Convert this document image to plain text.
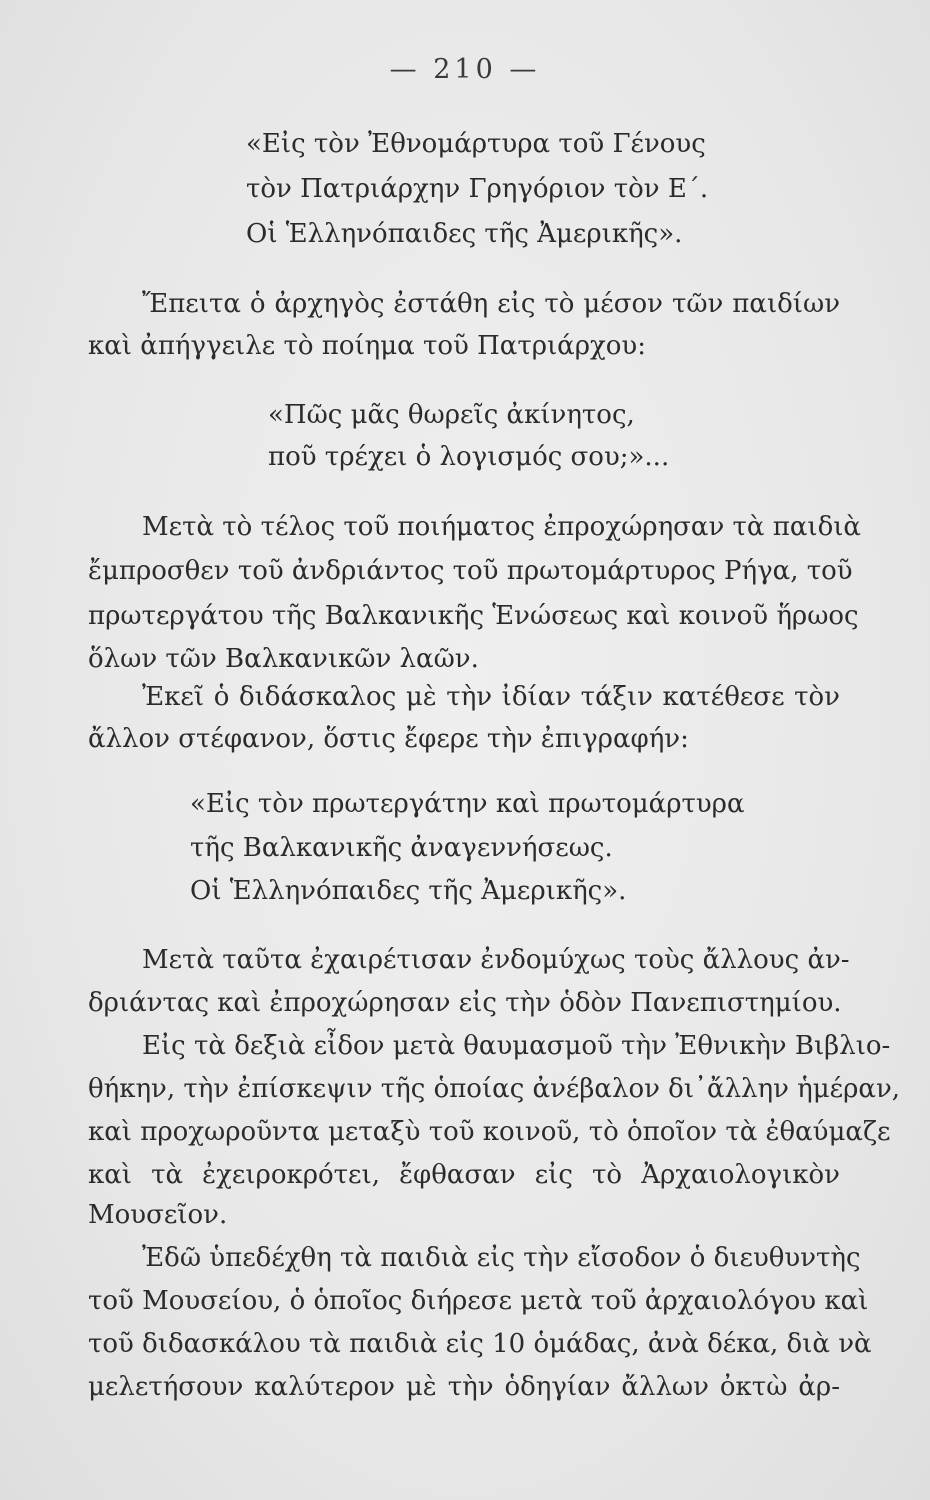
— 210 —
«Εἰς τὸν Ἐθνομάρτυρα τοῦ Γένους
τὸν Πατριάρχην Γρηγόριον τὸν Ε΄.
Οἱ Ἑλληνόπαιδες τῆς Ἀμερικῆς».
Ἔπειτα ὁ ἀρχηγὸς ἐστάθη εἰς τὸ μέσον τῶν παιδίων
καὶ ἀπήγγειλε τὸ ποίημα τοῦ Πατριάρχου:
«Πῶς μᾶς θωρεῖς ἀκίνητος,
ποῦ τρέχει ὁ λογισμός σου;»...
Μετὰ τὸ τέλος τοῦ ποιήματος ἐπροχώρησαν τὰ παιδιὰ
ἔμπροσθεν τοῦ ἀνδριάντος τοῦ πρωτομάρτυρος Ρήγα, τοῦ
πρωτεργάτου τῆς Βαλκανικῆς Ἑνώσεως καὶ κοινοῦ ἥρωος
ὅλων τῶν Βαλκανικῶν λαῶν.
Ἐκεῖ ὁ διδάσκαλος μὲ τὴν ἰδίαν τάξιν κατέθεσε τὸν
ἄλλον στέφανον, ὅστις ἔφερε τὴν ἐπιγραφήν:
«Εἰς τὸν πρωτεργάτην καὶ πρωτομάρτυρα
τῆς Βαλκανικῆς ἀναγεννήσεως.
Οἱ Ἑλληνόπαιδες τῆς Ἀμερικῆς».
Μετὰ ταῦτα ἐχαιρέτισαν ἐνδομύχως τοὺς ἄλλους ἀν-
δριάντας καὶ ἐπροχώρησαν εἰς τὴν ὁδὸν Πανεπιστημίου.
Εἰς τὰ δεξιὰ εἶδον μετὰ θαυμασμοῦ τὴν Ἐθνικὴν Βιβλιο-
θήκην, τὴν ἐπίσκεψιν τῆς ὁποίας ἀνέβαλον δι᾽ἄλλην ἡμέραν,
καὶ προχωροῦντα μεταξὺ τοῦ κοινοῦ, τὸ ὁποῖον τὰ ἐθαύμαζε
καὶ τὰ ἐχειροκρότει, ἔφθασαν εἰς τὸ Ἀρχαιολογικὸν
Μουσεῖον.
Ἐδῶ ὑπεδέχθη τὰ παιδιὰ εἰς τὴν εἴσοδον ὁ διευθυντὴς
τοῦ Μουσείου, ὁ ὁποῖος διήρεσε μετὰ τοῦ ἀρχαιολόγου καὶ
τοῦ διδασκάλου τὰ παιδιὰ εἰς 10 ὁμάδας, ἀνὰ δέκα, διὰ νὰ
μελετήσουν καλύτερον μὲ τὴν ὁδηγίαν ἄλλων ὀκτὼ ἀρ-
